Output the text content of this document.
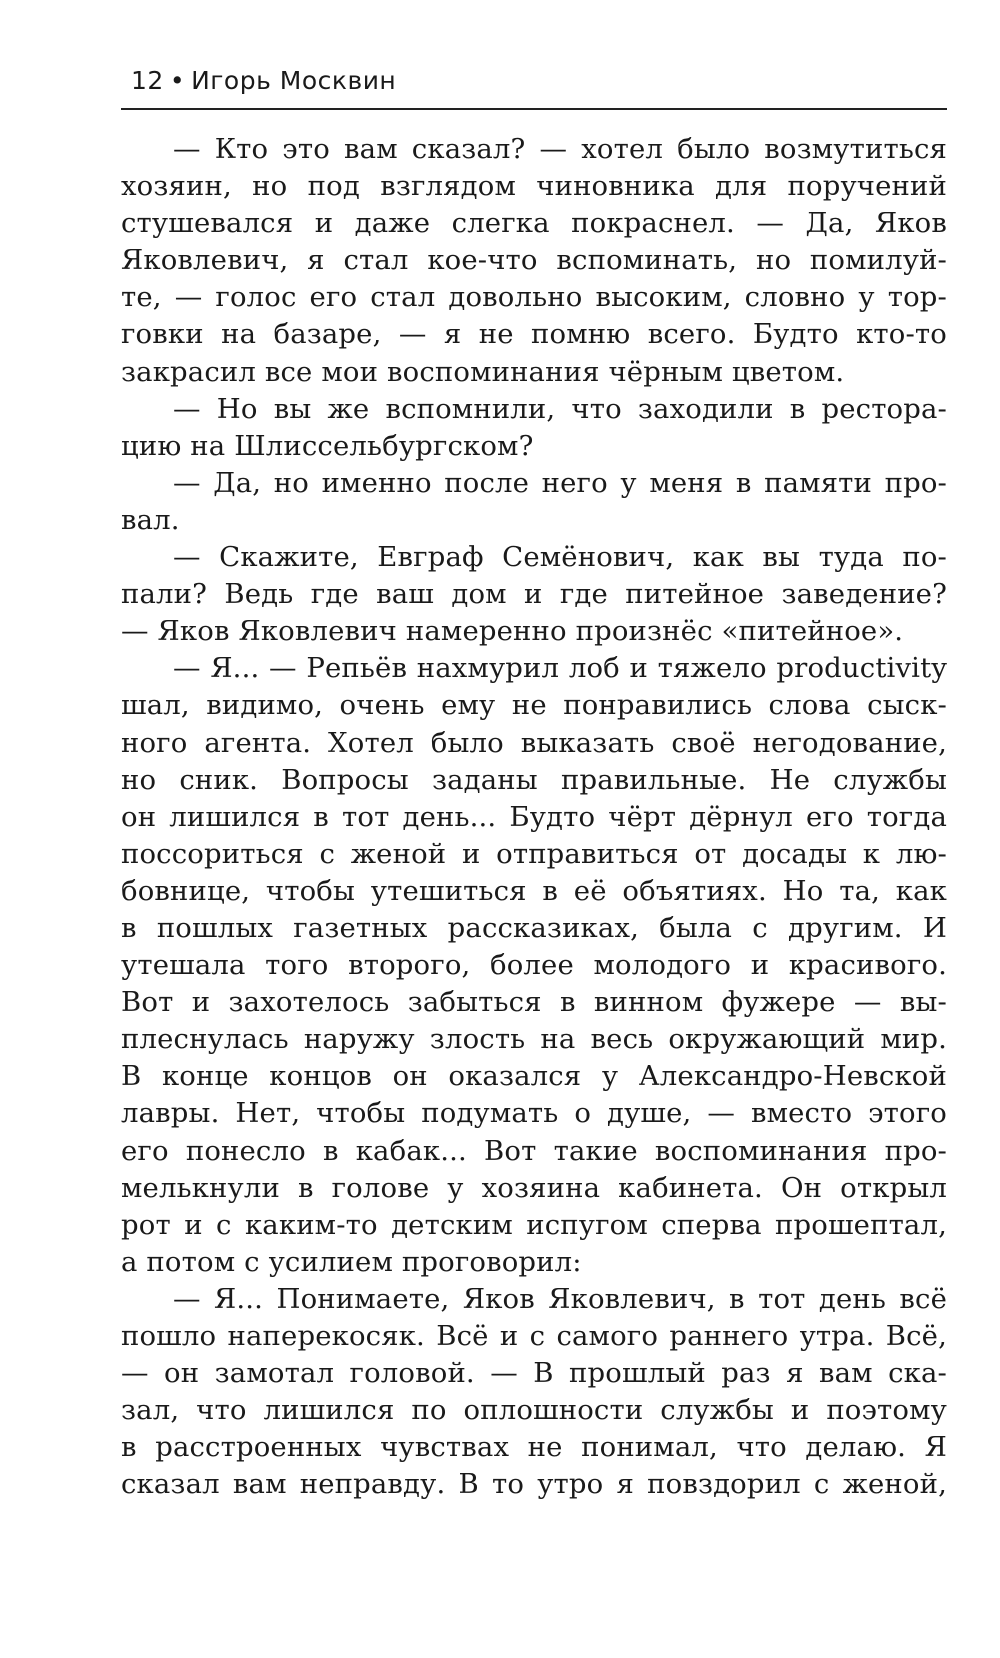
12 • Игорь Москвин
— Кто это вам сказал? — хотел было возмутиться
хозяин, но под взглядом чиновника для поручений
стушевался и даже слегка покраснел. — Да, Яков
Яковлевич, я стал кое-что вспоминать, но помилуй-
те, — голос его стал довольно высоким, словно у тор-
говки на базаре, — я не помню всего. Будто кто-то
закрасил все мои воспоминания чёрным цветом.
— Но вы же вспомнили, что заходили в рестора-
цию на Шлиссельбургском?
— Да, но именно после него у меня в памяти про-
вал.
— Скажите, Евграф Семёнович, как вы туда по-
пали? Ведь где ваш дом и где питейное заведение?
— Яков Яковлевич намеренно произнёс «питейное».
— Я... — Репьёв нахмурил лоб и тяжело productivity
шал, видимо, очень ему не понравились слова сыск-
ного агента. Хотел было выказать своё негодование,
но сник. Вопросы заданы правильные. Не службы
он лишился в тот день... Будто чёрт дёрнул его тогда
поссориться с женой и отправиться от досады к лю-
бовнице, чтобы утешиться в её объятиях. Но та, как
в пошлых газетных рассказиках, была с другим. И
утешала того второго, более молодого и красивого.
Вот и захотелось забыться в винном фужере — вы-
плеснулась наружу злость на весь окружающий мир.
В конце концов он оказался у Александро-Невской
лавры. Нет, чтобы подумать о душе, — вместо этого
его понесло в кабак... Вот такие воспоминания про-
мелькнули в голове у хозяина кабинета. Он открыл
рот и с каким-то детским испугом сперва прошептал,
а потом с усилием проговорил:
— Я... Понимаете, Яков Яковлевич, в тот день всё
пошло наперекосяк. Всё и с самого раннего утра. Всё,
— он замотал головой. — В прошлый раз я вам ска-
зал, что лишился по оплошности службы и поэтому
в расстроенных чувствах не понимал, что делаю. Я
сказал вам неправду. В то утро я повздорил с женой,
